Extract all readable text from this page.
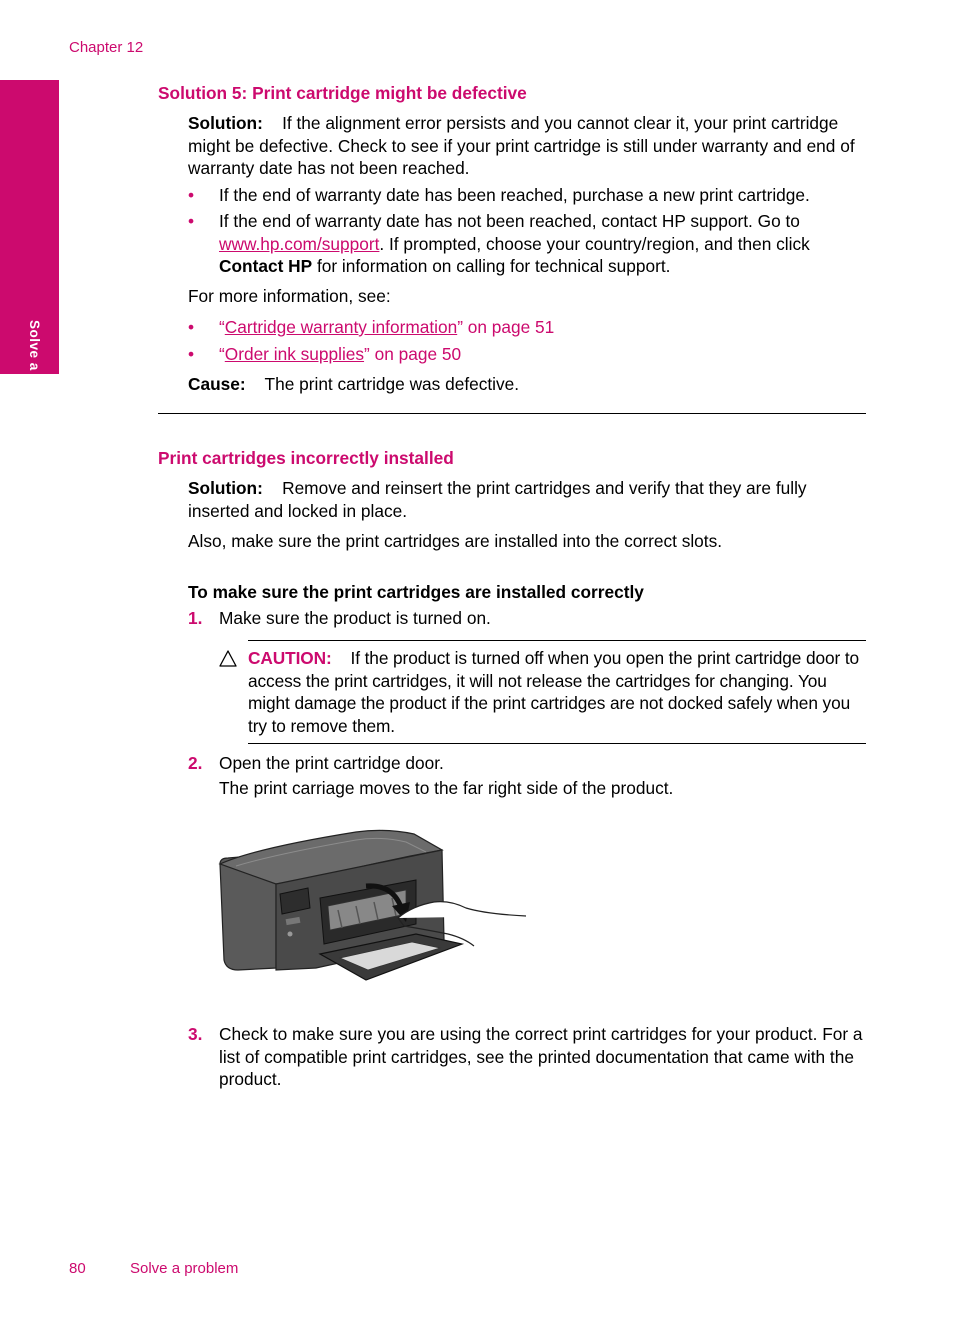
Chapter 12
Solve a problem
Solution 5: Print cartridge might be defective

Solution: If the alignment error persists and you cannot clear it, your print cartridge might be defective. Check to see if your print cartridge is still under warranty and end of warranty date has not been reached.

• If the end of warranty date has been reached, purchase a new print cartridge.

• If the end of warranty date has not been reached, contact HP support. Go to www.hp.com/support. If prompted, choose your country/region, and then click Contact HP for information on calling for technical support.

For more information, see:

• “Cartridge warranty information” on page 51

• “Order ink supplies” on page 50

Cause: The print cartridge was defective.

Print cartridges incorrectly installed

Solution: Remove and reinsert the print cartridges and verify that they are fully inserted and locked in place.

Also, make sure the print cartridges are installed into the correct slots.

To make sure the print cartridges are installed correctly

1. Make sure the product is turned on.

CAUTION: If the product is turned off when you open the print cartridge door to access the print cartridges, it will not release the cartridges for changing. You might damage the product if the print cartridges are not docked safely when you try to remove them.

2. Open the print cartridge door.

The print carriage moves to the far right side of the product.

3. Check to make sure you are using the correct print cartridges for your product. For a list of compatible print cartridges, see the printed documentation that came with the product.

80	Solve a problem
